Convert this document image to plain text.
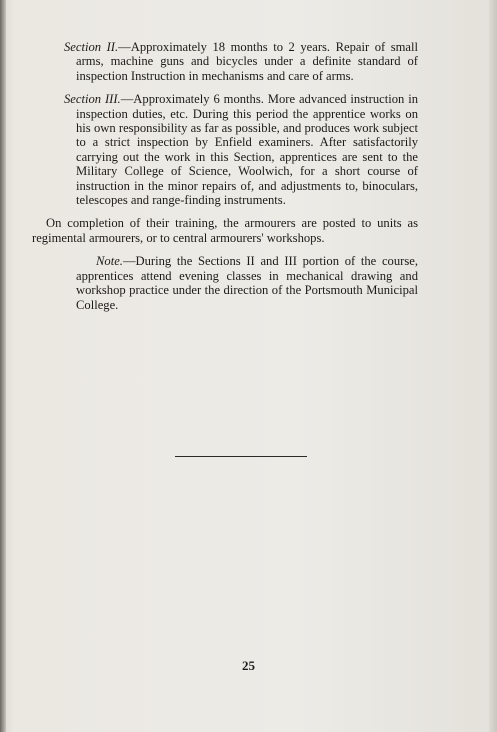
Section II.—Approximately 18 months to 2 years. Repair of small arms, machine guns and bicycles under a definite standard of inspection Instruction in mechanisms and care of arms.

Section III.—Approximately 6 months. More advanced instruction in inspection duties, etc. During this period the apprentice works on his own responsibility as far as possible, and produces work subject to a strict inspection by Enfield examiners. After satisfactorily carrying out the work in this Section, apprentices are sent to the Military College of Science, Woolwich, for a short course of instruction in the minor repairs of, and adjustments to, binoculars, telescopes and range-finding instruments.

On completion of their training, the armourers are posted to units as regimental armourers, or to central armourers' workshops.

Note.—During the Sections II and III portion of the course, apprentices attend evening classes in mechanical drawing and workshop practice under the direction of the Portsmouth Municipal College.

25
